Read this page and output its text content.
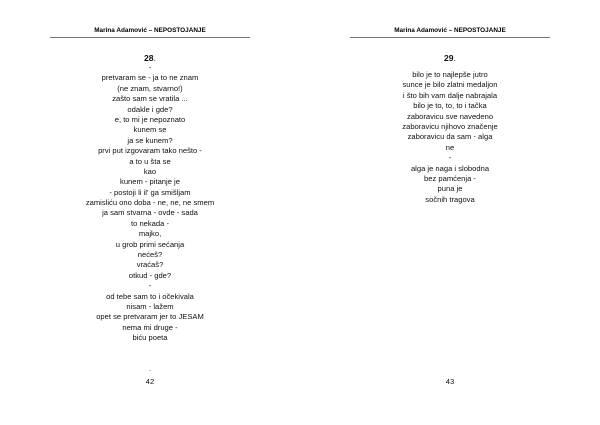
Marina Adamović – NEPOSTOJANJE
28.
-
pretvaram se - ja to ne znam
(ne znam, stvarno!)
zašto sam se vratila ...
odakle i gde?
e, to mi je nepoznato
kunem se
ja se kunem?
prvi put izgovaram tako nešto -
a to u šta se
kao
kunem - pitanje je
- postoji li il' ga smišljam
zamisliću ono doba - ne, ne, ne smem
ja sam stvarna - ovde - sada
to nekada -
majko,
u grob primi sećanja
nećeš?
vraćaš?
otkud - gde?
-
od tebe sam to i očekivala
nisam - lažem
opet se pretvaram jer to JESAM
nema mi druge -
biću poeta
.
42
Marina Adamović – NEPOSTOJANJE
29.
bilo je to najlepše jutro
sunce je bilo zlatni medaljon
i što bih vam dalje nabrajala
bilo je to, to, to i tačka
zaboravicu sve navedeno
zaboravicu njihovo značenje
zaboravicu da sam - alga
ne
-
alga je naga i slobodna
bez pamćenja -
puna je
sočnih tragova
43
